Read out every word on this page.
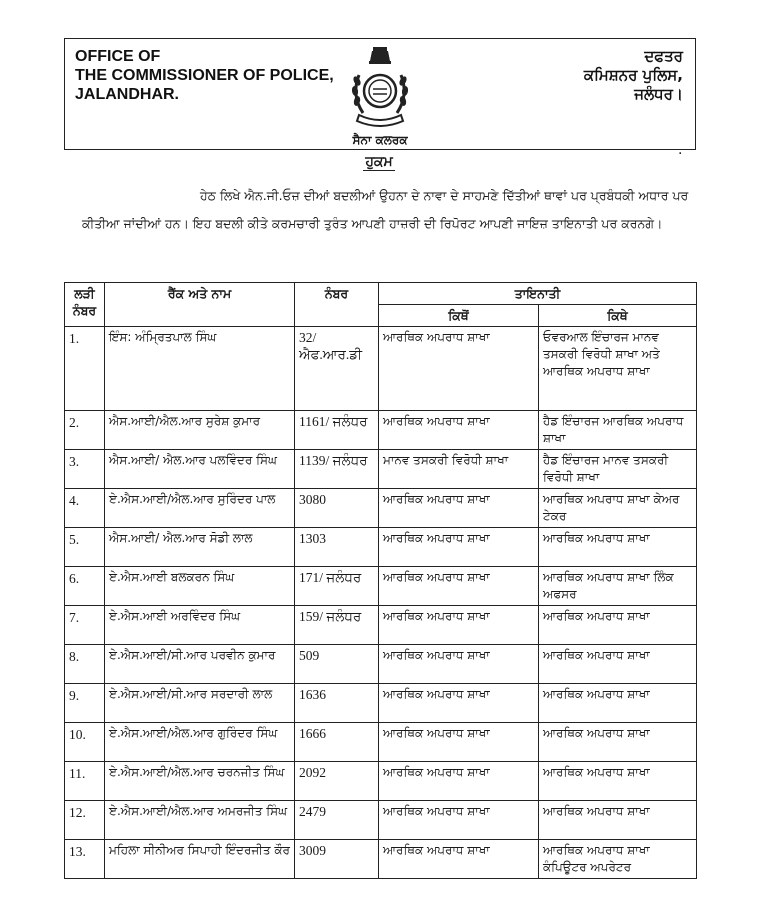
OFFICE OF
THE COMMISSIONER OF POLICE,
JALANDHAR.
ਸੈਨਾ ਕਲਰਕ
ਦਫਤਰ
ਕਮਿਸ਼ਨਰ ਪੁਲਿਸ,
ਜਲੰਧਰ।
ਹੁਕਮ	·
ਹੇਠ ਲਿਖੇ ਐਨ.ਜੀ.ਓਜ਼ ਦੀਆਂ ਬਦਲੀਆਂ ਉਹਨਾ ਦੇ ਨਾਵਾ ਦੇ ਸਾਹਮਣੇ ਦਿੱਤੀਆਂ ਥਾਵਾਂ ਪਰ ਪ੍ਰਬੰਧਕੀ ਅਧਾਰ ਪਰ ਕੀਤੀਆ ਜਾਂਦੀਆਂ ਹਨ। ਇਹ ਬਦਲੀ ਕੀਤੇ ਕਰਮਚਾਰੀ ਤੁਰੰਤ ਆਪਣੀ ਹਾਜ਼ਰੀ ਦੀ ਰਿਪੋਰਟ ਆਪਣੀ ਜਾਇਜ਼ ਤਾਇਨਾਤੀ ਪਰ ਕਰਨਗੇ।
ਲੜੀ ਨੰਬਰ	ਰੈਂਕ ਅਤੇ ਨਾਮ	ਨੰਬਰ	ਤਾਇਨਾਤੀ	
			ਕਿਥੋਂ	ਕਿਥੇ
1.	ਇੰਸ: ਅੰਮ੍ਰਿਤਪਾਲ ਸਿੰਘ	32/ ਐਫ.ਆਰ.ਡੀ	ਆਰਥਿਕ ਅਪਰਾਧ ਸ਼ਾਖਾ	ਓਵਰਆਲ ਇੰਚਾਰਜ ਮਾਨਵ ਤਸਕਰੀ ਵਿਰੋਧੀ ਸ਼ਾਖਾ ਅਤੇ ਆਰਥਿਕ ਅਪਰਾਧ ਸ਼ਾਖਾ
2.	ਐਸ.ਆਈ/ਐਲ.ਆਰ ਸੁਰੇਸ਼ ਕੁਮਾਰ	1161/ ਜਲੰਧਰ	ਆਰਥਿਕ ਅਪਰਾਧ ਸ਼ਾਖਾ	ਹੈਡ ਇੰਚਾਰਜ ਆਰਥਿਕ ਅਪਰਾਧ ਸ਼ਾਖਾ
3.	ਐਸ.ਆਈ/ ਐਲ.ਆਰ ਪਲਵਿੰਦਰ ਸਿੰਘ	1139/ ਜਲੰਧਰ	ਮਾਨਵ ਤਸਕਰੀ ਵਿਰੋਧੀ ਸ਼ਾਖਾ	ਹੈਡ ਇੰਚਾਰਜ ਮਾਨਵ ਤਸਕਰੀ ਵਿਰੋਧੀ ਸ਼ਾਖਾ
4.	ਏ.ਐਸ.ਆਈ/ਐਲ.ਆਰ ਸੁਰਿੰਦਰ ਪਾਲ	3080	ਆਰਥਿਕ ਅਪਰਾਧ ਸ਼ਾਖਾ	ਆਰਥਿਕ ਅਪਰਾਧ ਸ਼ਾਖਾ ਕੇਅਰ ਟੇਕਰ
5.	ਐਸ.ਆਈ/ ਐਲ.ਆਰ ਸੋਡੀ ਲਾਲ	1303	ਆਰਥਿਕ ਅਪਰਾਧ ਸ਼ਾਖਾ	ਆਰਥਿਕ ਅਪਰਾਧ ਸ਼ਾਖਾ
6.	ਏ.ਐਸ.ਆਈ ਬਲਕਰਨ ਸਿੰਘ	171/ ਜਲੰਧਰ	ਆਰਥਿਕ ਅਪਰਾਧ ਸ਼ਾਖਾ	ਆਰਥਿਕ ਅਪਰਾਧ ਸ਼ਾਖਾ ਲਿੰਕ ਅਫਸਰ
7.	ਏ.ਐਸ.ਆਈ ਅਰਵਿੰਦਰ ਸਿੰਘ	159/ ਜਲੰਧਰ	ਆਰਥਿਕ ਅਪਰਾਧ ਸ਼ਾਖਾ	ਆਰਥਿਕ ਅਪਰਾਧ ਸ਼ਾਖਾ
8.	ਏ.ਐਸ.ਆਈ/ਸੀ.ਆਰ ਪਰਵੀਨ ਕੁਮਾਰ	509	ਆਰਥਿਕ ਅਪਰਾਧ ਸ਼ਾਖਾ	ਆਰਥਿਕ ਅਪਰਾਧ ਸ਼ਾਖਾ
9.	ਏ.ਐਸ.ਆਈ/ਸੀ.ਆਰ ਸਰਦਾਰੀ ਲਾਲ	1636	ਆਰਥਿਕ ਅਪਰਾਧ ਸ਼ਾਖਾ	ਆਰਥਿਕ ਅਪਰਾਧ ਸ਼ਾਖਾ
10.	ਏ.ਐਸ.ਆਈ/ਐਲ.ਆਰ ਗੁਰਿੰਦਰ ਸਿੰਘ	1666	ਆਰਥਿਕ ਅਪਰਾਧ ਸ਼ਾਖਾ	ਆਰਥਿਕ ਅਪਰਾਧ ਸ਼ਾਖਾ
11.	ਏ.ਐਸ.ਆਈ/ਐਲ.ਆਰ ਚਰਨਜੀਤ ਸਿੰਘ	2092	ਆਰਥਿਕ ਅਪਰਾਧ ਸ਼ਾਖਾ	ਆਰਥਿਕ ਅਪਰਾਧ ਸ਼ਾਖਾ
12.	ਏ.ਐਸ.ਆਈ/ਐਲ.ਆਰ ਅਮਰਜੀਤ ਸਿੰਘ	2479	ਆਰਥਿਕ ਅਪਰਾਧ ਸ਼ਾਖਾ	ਆਰਥਿਕ ਅਪਰਾਧ ਸ਼ਾਖਾ
13.	ਮਹਿਲਾ ਸੀਨੀਅਰ ਸਿਪਾਹੀ ਇੰਦਰਜੀਤ ਕੌਰ	3009	ਆਰਥਿਕ ਅਪਰਾਧ ਸ਼ਾਖਾ	ਆਰਥਿਕ ਅਪਰਾਧ ਸ਼ਾਖਾ ਕੰਪਿਊਟਰ ਅਪਰੇਟਰ
